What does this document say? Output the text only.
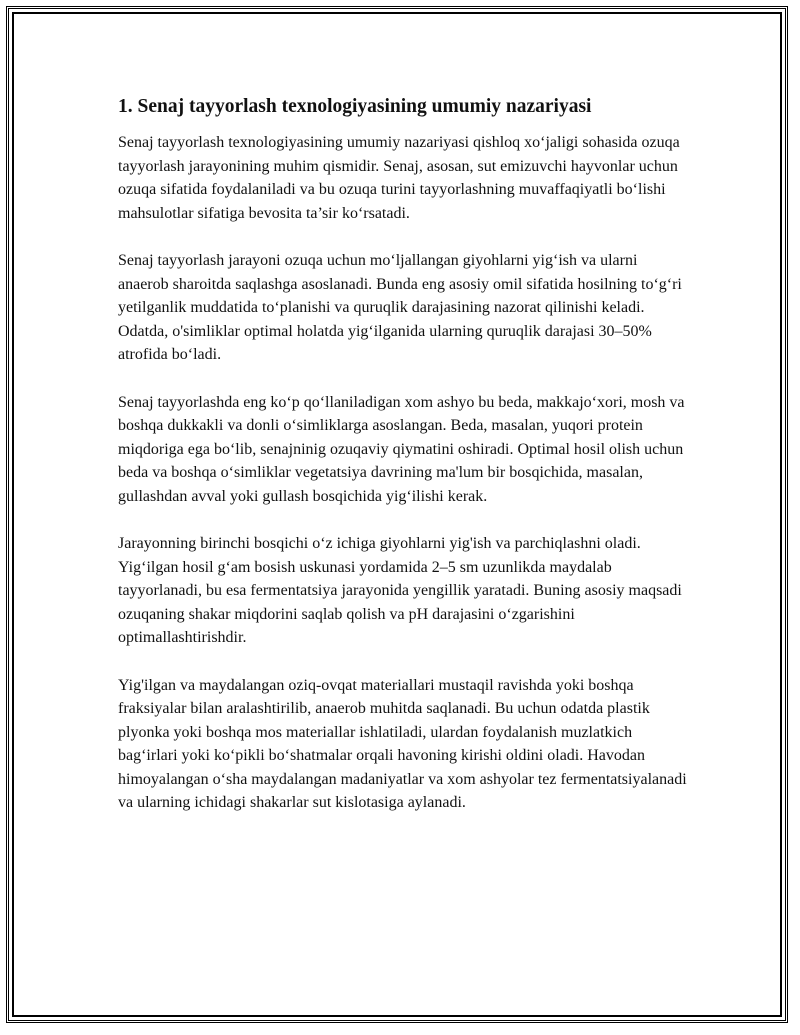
1. Senaj tayyorlash texnologiyasining umumiy nazariyasi

Senaj tayyorlash texnologiyasining umumiy nazariyasi qishloq xo‘jaligi sohasida ozuqa tayyorlash jarayonining muhim qismidir. Senaj, asosan, sut emizuvchi hayvonlar uchun ozuqa sifatida foydalaniladi va bu ozuqa turini tayyorlashning muvaffaqiyatli bo‘lishi mahsulotlar sifatiga bevosita ta’sir ko‘rsatadi.

Senaj tayyorlash jarayoni ozuqa uchun mo‘ljallangan giyohlarni yig‘ish va ularni anaerob sharoitda saqlashga asoslanadi. Bunda eng asosiy omil sifatida hosilning to‘g‘ri yetilganlik muddatida to‘planishi va quruqlik darajasining nazorat qilinishi keladi. Odatda, o'simliklar optimal holatda yig‘ilganida ularning quruqlik darajasi 30–50% atrofida bo‘ladi.

Senaj tayyorlashda eng ko‘p qo‘llaniladigan xom ashyo bu beda, makkajo‘xori, mosh va boshqa dukkakli va donli o‘simliklarga asoslangan. Beda, masalan, yuqori protein miqdoriga ega bo‘lib, senajninig ozuqaviy qiymatini oshiradi. Optimal hosil olish uchun beda va boshqa o‘simliklar vegetatsiya davrining ma'lum bir bosqichida, masalan, gullashdan avval yoki gullash bosqichida yig‘ilishi kerak.

Jarayonning birinchi bosqichi o‘z ichiga giyohlarni yig'ish va parchiqlashni oladi. Yig‘ilgan hosil g‘am bosish uskunasi yordamida 2–5 sm uzunlikda maydalab tayyorlanadi, bu esa fermentatsiya jarayonida yengillik yaratadi. Buning asosiy maqsadi ozuqaning shakar miqdorini saqlab qolish va pH darajasini o‘zgarishini optimallashtirishdir.

Yig'ilgan va maydalangan oziq-ovqat materiallari mustaqil ravishda yoki boshqa fraksiyalar bilan aralashtirilib, anaerob muhitda saqlanadi. Bu uchun odatda plastik plyonka yoki boshqa mos materiallar ishlatiladi, ulardan foydalanish muzlatkich bag‘irlari yoki ko‘pikli bo‘shatmalar orqali havoning kirishi oldini oladi. Havodan himoyalangan o‘sha maydalangan madaniyatlar va xom ashyolar tez fermentatsiyalanadi va ularning ichidagi shakarlar sut kislotasiga aylanadi.
